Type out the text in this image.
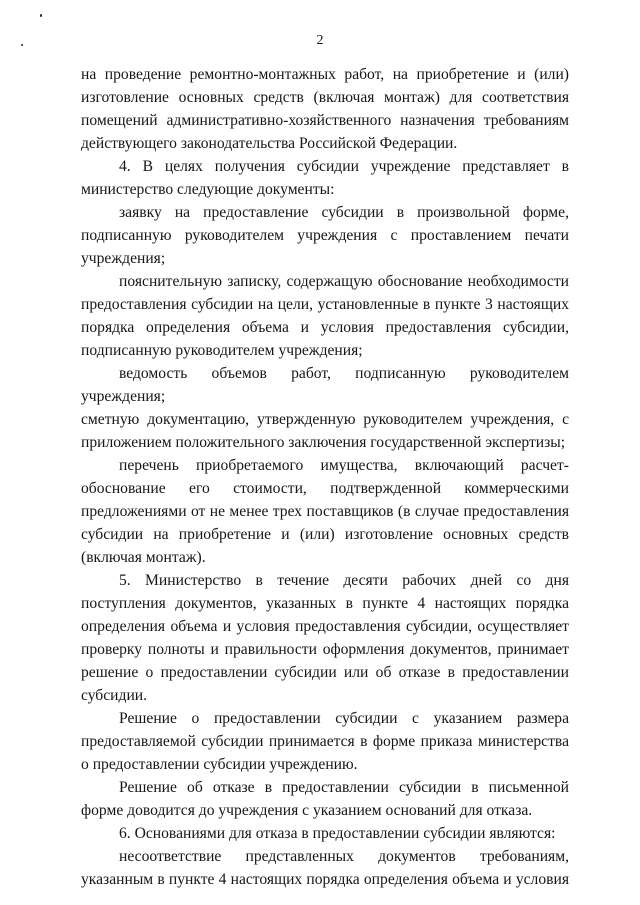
2

на проведение ремонтно-монтажных работ, на приобретение и (или) изготовление основных средств (включая монтаж) для соответствия помещений административно-хозяйственного назначения требованиям действующего законодательства Российской Федерации.

4. В целях получения субсидии учреждение представляет в министерство следующие документы:

заявку на предоставление субсидии в произвольной форме, подписанную руководителем учреждения с проставлением печати учреждения;

пояснительную записку, содержащую обоснование необходимости предоставления субсидии на цели, установленные в пункте 3 настоящих порядка определения объема и условия предоставления субсидии, подписанную руководителем учреждения;

ведомость объемов работ, подписанную руководителем учреждения;

сметную документацию, утвержденную руководителем учреждения, с приложением положительного заключения государственной экспертизы;

перечень приобретаемого имущества, включающий расчет-обоснование его стоимости, подтвержденной коммерческими предложениями от не менее трех поставщиков (в случае предоставления субсидии на приобретение и (или) изготовление основных средств (включая монтаж).

5. Министерство в течение десяти рабочих дней со дня поступления документов, указанных в пункте 4 настоящих порядка определения объема и условия предоставления субсидии, осуществляет проверку полноты и правильности оформления документов, принимает решение о предоставлении субсидии или об отказе в предоставлении субсидии.

Решение о предоставлении субсидии с указанием размера предоставляемой субсидии принимается в форме приказа министерства о предоставлении субсидии учреждению.

Решение об отказе в предоставлении субсидии в письменной форме доводится до учреждения с указанием оснований для отказа.

6. Основаниями для отказа в предоставлении субсидии являются:

несоответствие представленных документов требованиям, указанным в пункте 4 настоящих порядка определения объема и условия
